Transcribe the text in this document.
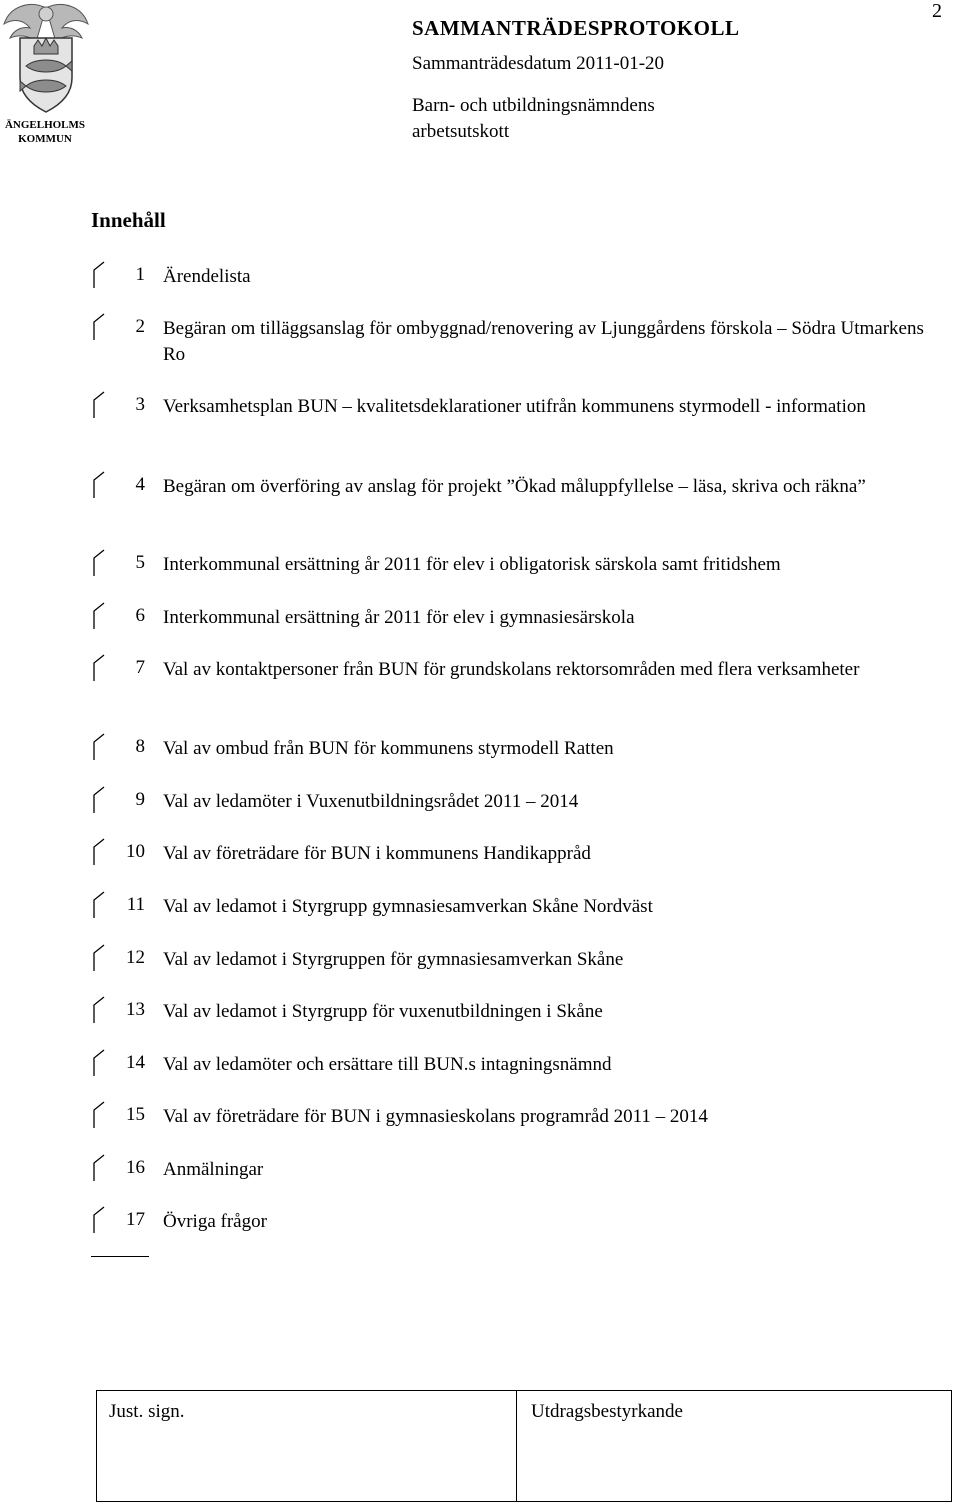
ÄNGELHOLMS
KOMMUN
2
SAMMANTRÄDESPROTOKOLL
Sammanträdesdatum 2011-01-20
Barn- och utbildningsnämndens arbetsutskott
Innehåll
1 Ärendelista
2 Begäran om tilläggsanslag för ombyggnad/renovering av Ljunggårdens förskola – Södra Utmarkens Ro
3 Verksamhetsplan BUN – kvalitetsdeklarationer utifrån kommunens styrmodell - information
4 Begäran om överföring av anslag för projekt ”Ökad måluppfyllelse – läsa, skriva och räkna”
5 Interkommunal ersättning år 2011 för elev i obligatorisk särskola samt fritidshem
6 Interkommunal ersättning år 2011 för elev i gymnasiesärskola
7 Val av kontaktpersoner från BUN för grundskolans rektorsområden med flera verksamheter
8 Val av ombud från BUN för kommunens styrmodell Ratten
9 Val av ledamöter i Vuxenutbildningsrådet 2011 – 2014
10 Val av företrädare för BUN i kommunens Handikappråd
11 Val av ledamot i Styrgrupp gymnasiesamverkan Skåne Nordväst
12 Val av ledamot i Styrgruppen för gymnasiesamverkan Skåne
13 Val av ledamot i Styrgrupp för vuxenutbildningen i Skåne
14 Val av ledamöter och ersättare till BUN.s intagningsnämnd
15 Val av företrädare för BUN i gymnasieskolans programråd 2011 – 2014
16 Anmälningar
17 Övriga frågor
Just. sign.	Utdragsbestyrkande
